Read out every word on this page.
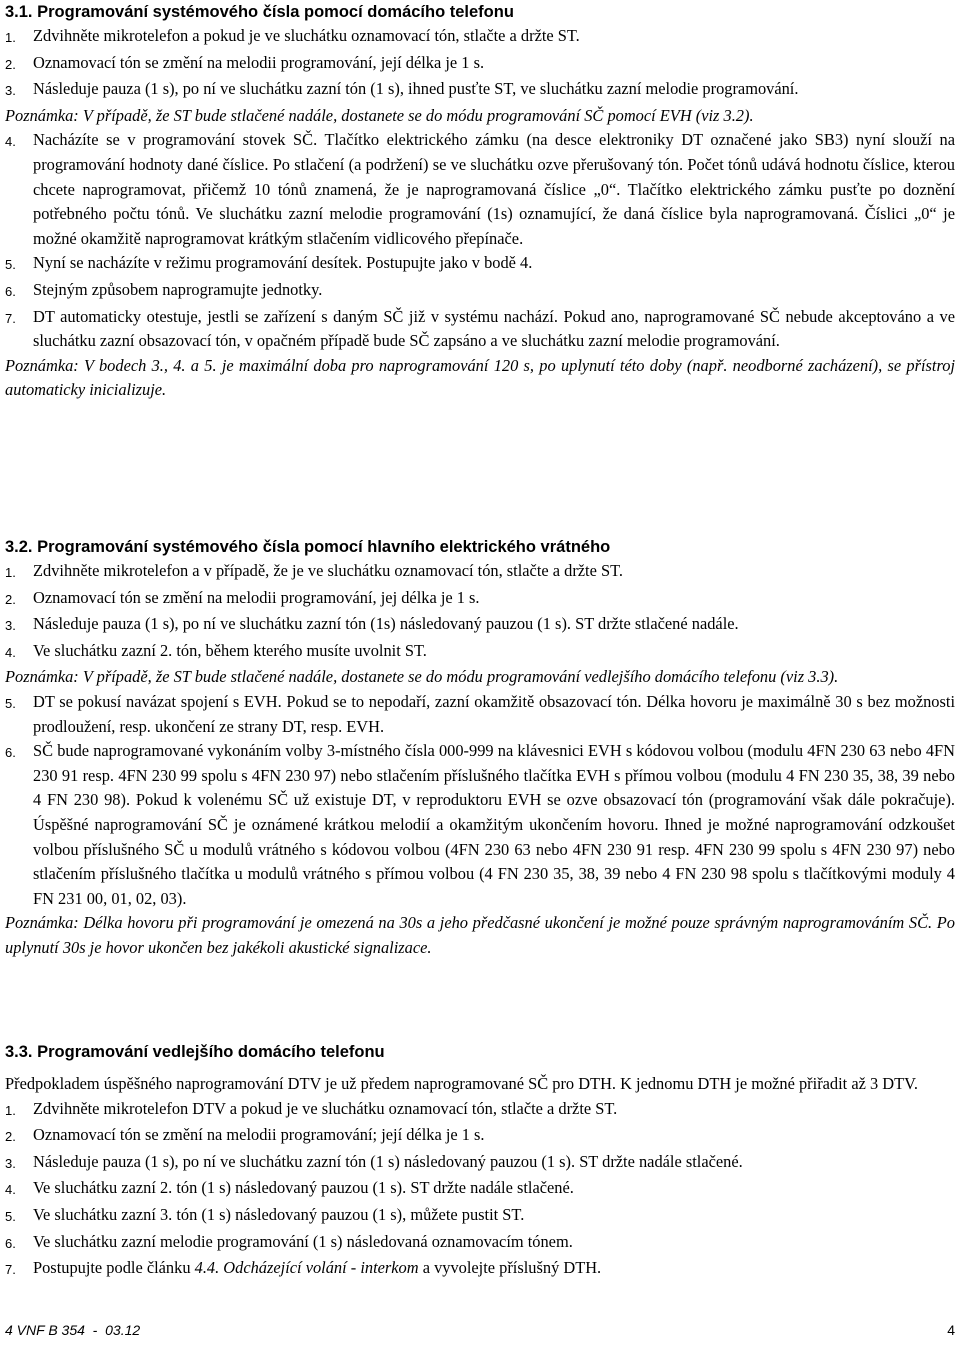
3.1.
Programování systémového čísla pomocí domácího telefonu
1.	Zdvihněte mikrotelefon a pokud je ve sluchátku oznamovací tón, stlačte a držte ST.
2.	Oznamovací tón se změní na melodii programování, její délka je 1 s.
3.	Následuje pauza (1 s), po ní ve sluchátku zazní tón (1 s), ihned pusťte ST, ve sluchátku zazní melodie programování.
Poznámka: V případě, že ST bude stlačené nadále, dostanete se do módu programování SČ pomocí EVH (viz 3.2).
4.	Nacházíte se v programování stovek SČ. Tlačítko elektrického zámku (na desce elektroniky DT označené jako SB3) nyní slouží na programování hodnoty dané číslice. Po stlačení (a podržení) se ve sluchátku ozve přerušovaný tón. Počet tónů udává hodnotu číslice, kterou chcete naprogramovat, přičemž 10 tónů znamená, že je naprogramovaná číslice „0“. Tlačítko elektrického zámku pusťte po doznění potřebného počtu tónů. Ve sluchátku zazní melodie programování (1s) oznamující, že daná číslice byla naprogramovaná. Číslici „0“ je možné okamžitě naprogramovat krátkým stlačením vidlicového přepínače.
5.	Nyní se nacházíte v režimu programování desítek. Postupujte jako v bodě 4.
6.	Stejným způsobem naprogramujte jednotky.
7.	DT automaticky otestuje, jestli se zařízení s daným SČ již v systému nachází. Pokud ano, naprogramované SČ nebude akceptováno a ve sluchátku zazní obsazovací tón, v opačném případě bude SČ zapsáno a ve sluchátku zazní melodie programování.
Poznámka: V bodech 3., 4. a 5. je maximální doba pro naprogramování 120 s, po uplynutí této doby (např. neodborné zacházení), se přístroj automaticky inicializuje.
3.2.
Programování systémového čísla pomocí hlavního elektrického vrátného
1.	Zdvihněte mikrotelefon a v případě, že je ve sluchátku oznamovací tón, stlačte a držte ST.
2.	Oznamovací tón se změní na melodii programování, jej délka je 1 s.
3.	Následuje pauza (1 s), po ní ve sluchátku zazní tón (1s) následovaný pauzou (1 s). ST držte stlačené nadále.
4.	Ve sluchátku zazní 2. tón, během kterého musíte uvolnit ST.
Poznámka: V případě, že ST bude stlačené nadále, dostanete se do módu programování vedlejšího domácího telefonu (viz 3.3).
5.	DT se pokusí navázat spojení s EVH. Pokud se to nepodaří, zazní okamžitě obsazovací tón. Délka hovoru je maximálně 30 s bez možnosti prodloužení, resp. ukončení ze strany DT, resp. EVH.
6.	SČ bude naprogramované vykonáním volby 3-místného čísla 000-999 na klávesnici EVH s kódovou volbou (modulu 4FN 230 63 nebo 4FN 230 91 resp. 4FN 230 99 spolu s 4FN 230 97) nebo stlačením příslušného tlačítka EVH s přímou volbou (modulu 4 FN 230 35, 38, 39 nebo 4 FN 230 98). Pokud k volenému SČ už existuje DT, v reproduktoru EVH se ozve obsazovací tón (programování však dále pokračuje). Úspěšné naprogramování SČ je oznámené krátkou melodií a okamžitým ukončením hovoru. Ihned je možné naprogramování odzkoušet volbou příslušného SČ u modulů vrátného s kódovou volbou (4FN 230 63 nebo 4FN 230 91 resp. 4FN 230 99 spolu s 4FN 230 97) nebo stlačením příslušného tlačítka u modulů vrátného s přímou volbou (4 FN 230 35, 38, 39 nebo 4 FN 230 98 spolu s tlačítkovými moduly 4 FN 231 00, 01, 02, 03).
Poznámka: Délka hovoru při programování je omezená na 30s a jeho předčasné ukončení je možné pouze správným naprogramováním SČ. Po uplynutí 30s je hovor ukončen bez jakékoli akustické signalizace.
3.3.
Programování vedlejšího domácího telefonu
Předpokladem úspěšného naprogramování DTV je už předem naprogramované SČ pro DTH. K jednomu DTH je možné přiřadit až 3 DTV.
1.	Zdvihněte mikrotelefon DTV a pokud je ve sluchátku oznamovací tón, stlačte a držte ST.
2.	Oznamovací tón se změní na melodii programování; její délka je 1 s.
3.	Následuje pauza (1 s), po ní ve sluchátku zazní tón (1 s) následovaný pauzou (1 s). ST držte nadále stlačené.
4.	Ve sluchátku zazní 2. tón (1 s) následovaný pauzou (1 s). ST držte nadále stlačené.
5.	Ve sluchátku zazní 3. tón (1 s) následovaný pauzou (1 s), můžete pustit ST.
6.	Ve sluchátku zazní melodie programování (1 s) následovaná oznamovacím tónem.
7.	Postupujte podle článku 4.4. Odcházející volání - interkom a vyvolejte příslušný DTH.
4 VNF B 354  -  03.12	4
